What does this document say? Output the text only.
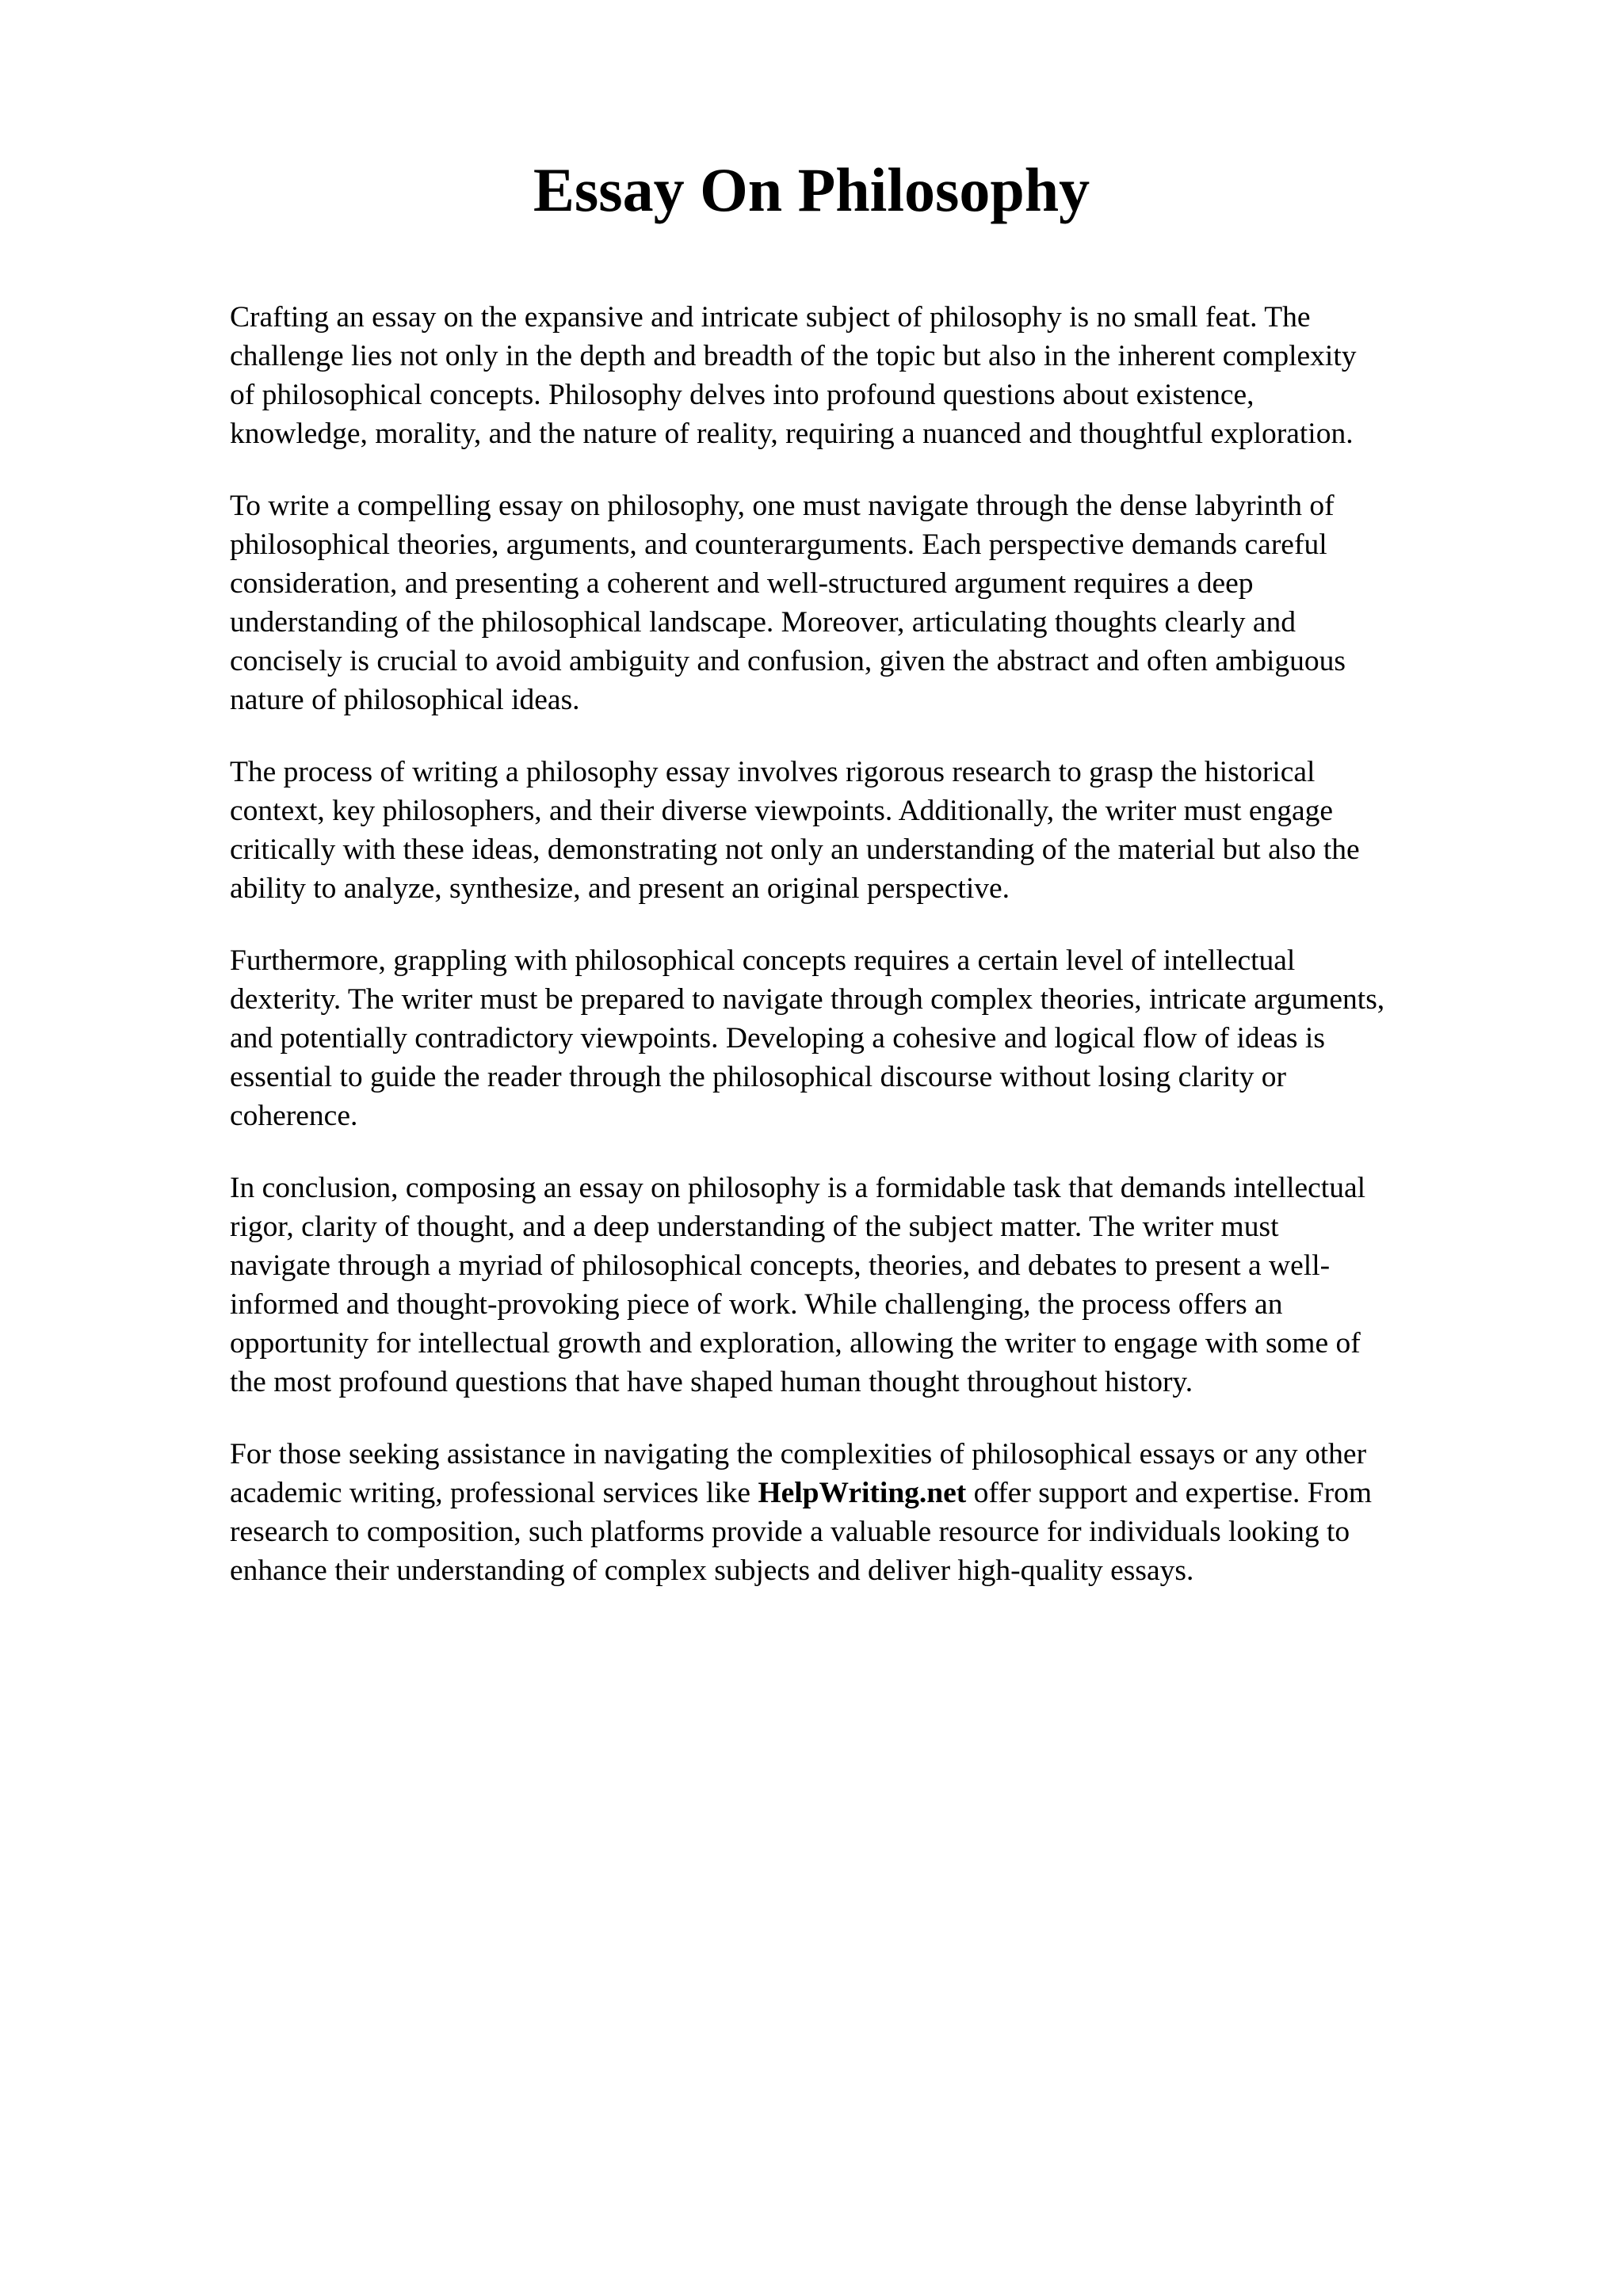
Essay On Philosophy

Crafting an essay on the expansive and intricate subject of philosophy is no small feat. The
challenge lies not only in the depth and breadth of the topic but also in the inherent complexity
of philosophical concepts. Philosophy delves into profound questions about existence,
knowledge, morality, and the nature of reality, requiring a nuanced and thoughtful exploration.

To write a compelling essay on philosophy, one must navigate through the dense labyrinth of
philosophical theories, arguments, and counterarguments. Each perspective demands careful
consideration, and presenting a coherent and well-structured argument requires a deep
understanding of the philosophical landscape. Moreover, articulating thoughts clearly and
concisely is crucial to avoid ambiguity and confusion, given the abstract and often ambiguous
nature of philosophical ideas.

The process of writing a philosophy essay involves rigorous research to grasp the historical
context, key philosophers, and their diverse viewpoints. Additionally, the writer must engage
critically with these ideas, demonstrating not only an understanding of the material but also the
ability to analyze, synthesize, and present an original perspective.

Furthermore, grappling with philosophical concepts requires a certain level of intellectual
dexterity. The writer must be prepared to navigate through complex theories, intricate arguments,
and potentially contradictory viewpoints. Developing a cohesive and logical flow of ideas is
essential to guide the reader through the philosophical discourse without losing clarity or
coherence.

In conclusion, composing an essay on philosophy is a formidable task that demands intellectual
rigor, clarity of thought, and a deep understanding of the subject matter. The writer must
navigate through a myriad of philosophical concepts, theories, and debates to present a well-
informed and thought-provoking piece of work. While challenging, the process offers an
opportunity for intellectual growth and exploration, allowing the writer to engage with some of
the most profound questions that have shaped human thought throughout history.

For those seeking assistance in navigating the complexities of philosophical essays or any other
academic writing, professional services like HelpWriting.net offer support and expertise. From
research to composition, such platforms provide a valuable resource for individuals looking to
enhance their understanding of complex subjects and deliver high-quality essays.
